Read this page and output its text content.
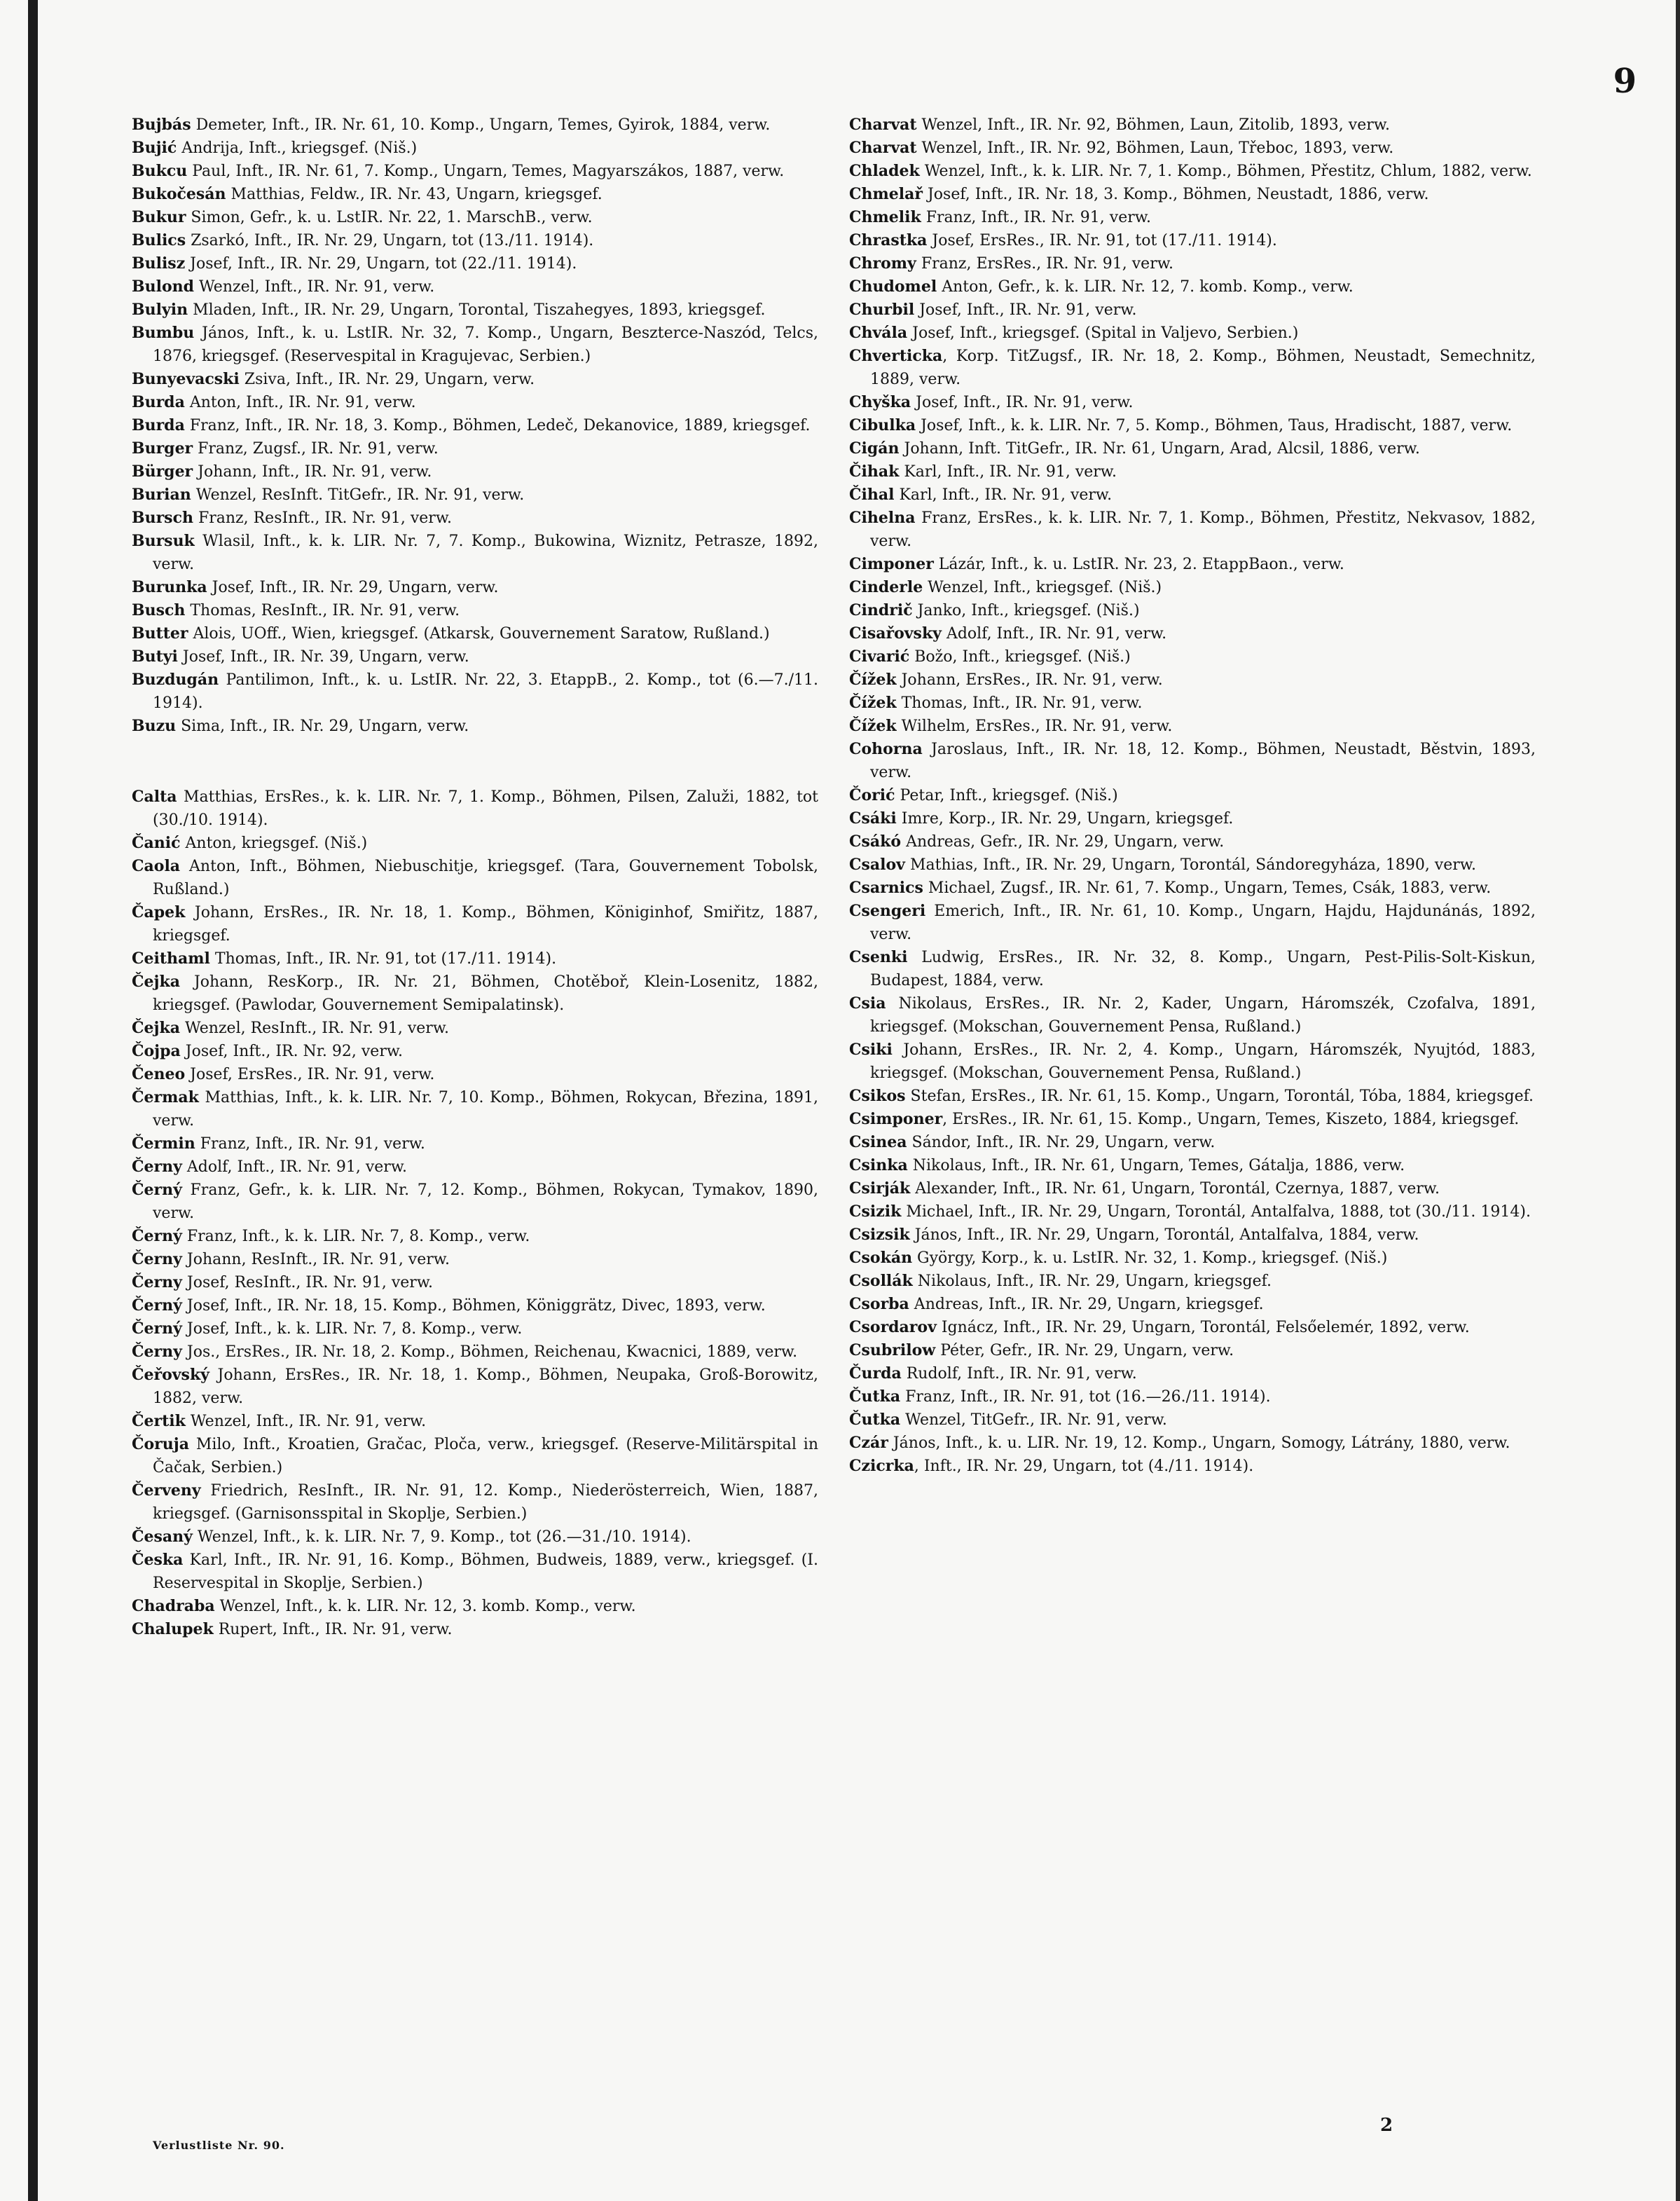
9
Bujbás Demeter, Inft., IR. Nr. 61, 10. Komp., Ungarn, Temes, Gyirok, 1884, verw.
Bujić Andrija, Inft., kriegsgef. (Niš.)
Bukcu Paul, Inft., IR. Nr. 61, 7. Komp., Ungarn, Temes, Magyarszákos, 1887, verw.
Bukočesán Matthias, Feldw., IR. Nr. 43, Ungarn, kriegsgef.
Bukur Simon, Gefr., k. u. LstIR. Nr. 22, 1. MarschB., verw.
Bulics Zsarkó, Inft., IR. Nr. 29, Ungarn, tot (13./11. 1914).
Bulisz Josef, Inft., IR. Nr. 29, Ungarn, tot (22./11. 1914).
Bulond Wenzel, Inft., IR. Nr. 91, verw.
Bulyin Mladen, Inft., IR. Nr. 29, Ungarn, Torontal, Tiszahegyes, 1893, kriegsgef.
Bumbu János, Inft., k. u. LstIR. Nr. 32, 7. Komp., Ungarn, Beszterce-Naszód, Telcs, 1876, kriegsgef. (Reservespital in Kragujevac, Serbien.)
Bunyevacski Zsiva, Inft., IR. Nr. 29, Ungarn, verw.
Burda Anton, Inft., IR. Nr. 91, verw.
Burda Franz, Inft., IR. Nr. 18, 3. Komp., Böhmen, Ledeč, Dekanovice, 1889, kriegsgef.
Burger Franz, Zugsf., IR. Nr. 91, verw.
Bürger Johann, Inft., IR. Nr. 91, verw.
Burian Wenzel, ResInft. TitGefr., IR. Nr. 91, verw.
Bursch Franz, ResInft., IR. Nr. 91, verw.
Bursuk Wlasil, Inft., k. k. LIR. Nr. 7, 7. Komp., Bukowina, Wiznitz, Petrasze, 1892, verw.
Burunka Josef, Inft., IR. Nr. 29, Ungarn, verw.
Busch Thomas, ResInft., IR. Nr. 91, verw.
Butter Alois, UOff., Wien, kriegsgef. (Atkarsk, Gouvernement Saratow, Rußland.)
Butyi Josef, Inft., IR. Nr. 39, Ungarn, verw.
Buzdugán Pantilimon, Inft., k. u. LstIR. Nr. 22, 3. EtappB., 2. Komp., tot (6.—7./11. 1914).
Buzu Sima, Inft., IR. Nr. 29, Ungarn, verw.
Calta Matthias, ErsRes., k. k. LIR. Nr. 7, 1. Komp., Böhmen, Pilsen, Zaluži, 1882, tot (30./10. 1914).
Čanić Anton, kriegsgef. (Niš.)
Caola Anton, Inft., Böhmen, Niebuschitje, kriegsgef. (Tara, Gouvernement Tobolsk, Rußland.)
Čapek Johann, ErsRes., IR. Nr. 18, 1. Komp., Böhmen, Königinhof, Smiřitz, 1887, kriegsgef.
Ceithaml Thomas, Inft., IR. Nr. 91, tot (17./11. 1914).
Čejka Johann, ResKorp., IR. Nr. 21, Böhmen, Chotěboř, Klein-Losenitz, 1882, kriegsgef. (Pawlodar, Gouvernement Semipalatinsk).
Čejka Wenzel, ResInft., IR. Nr. 91, verw.
Čojpa Josef, Inft., IR. Nr. 92, verw.
Čeneo Josef, ErsRes., IR. Nr. 91, verw.
Čermak Matthias, Inft., k. k. LIR. Nr. 7, 10. Komp., Böhmen, Rokycan, Březina, 1891, verw.
Čermin Franz, Inft., IR. Nr. 91, verw.
Černy Adolf, Inft., IR. Nr. 91, verw.
Černý Franz, Gefr., k. k. LIR. Nr. 7, 12. Komp., Böhmen, Rokycan, Tymakov, 1890, verw.
Černý Franz, Inft., k. k. LIR. Nr. 7, 8. Komp., verw.
Černy Johann, ResInft., IR. Nr. 91, verw.
Černy Josef, ResInft., IR. Nr. 91, verw.
Černý Josef, Inft., IR. Nr. 18, 15. Komp., Böhmen, Königgrätz, Divec, 1893, verw.
Černý Josef, Inft., k. k. LIR. Nr. 7, 8. Komp., verw.
Černy Jos., ErsRes., IR. Nr. 18, 2. Komp., Böhmen, Reichenau, Kwacnici, 1889, verw.
Čeřovský Johann, ErsRes., IR. Nr. 18, 1. Komp., Böhmen, Neupaka, Groß-Borowitz, 1882, verw.
Čertik Wenzel, Inft., IR. Nr. 91, verw.
Čoruja Milo, Inft., Kroatien, Gračac, Ploča, verw., kriegsgef. (Reserve-Militärspital in Čačak, Serbien.)
Červeny Friedrich, ResInft., IR. Nr. 91, 12. Komp., Niederösterreich, Wien, 1887, kriegsgef. (Garnisonsspital in Skoplje, Serbien.)
Česaný Wenzel, Inft., k. k. LIR. Nr. 7, 9. Komp., tot (26.—31./10. 1914).
Česka Karl, Inft., IR. Nr. 91, 16. Komp., Böhmen, Budweis, 1889, verw., kriegsgef. (I. Reservespital in Skoplje, Serbien.)
Chadraba Wenzel, Inft., k. k. LIR. Nr. 12, 3. komb. Komp., verw.
Chalupek Rupert, Inft., IR. Nr. 91, verw.
Charvat Wenzel, Inft., IR. Nr. 92, Böhmen, Laun, Zitolib, 1893, verw.
Charvat Wenzel, Inft., IR. Nr. 92, Böhmen, Laun, Třeboc, 1893, verw.
Chladek Wenzel, Inft., k. k. LIR. Nr. 7, 1. Komp., Böhmen, Přestitz, Chlum, 1882, verw.
Chmelař Josef, Inft., IR. Nr. 18, 3. Komp., Böhmen, Neustadt, 1886, verw.
Chmelik Franz, Inft., IR. Nr. 91, verw.
Chrastka Josef, ErsRes., IR. Nr. 91, tot (17./11. 1914).
Chromy Franz, ErsRes., IR. Nr. 91, verw.
Chudomel Anton, Gefr., k. k. LIR. Nr. 12, 7. komb. Komp., verw.
Churbil Josef, Inft., IR. Nr. 91, verw.
Chvála Josef, Inft., kriegsgef. (Spital in Valjevo, Serbien.)
Chverticka, Korp. TitZugsf., IR. Nr. 18, 2. Komp., Böhmen, Neustadt, Semechnitz, 1889, verw.
Chyška Josef, Inft., IR. Nr. 91, verw.
Cibulka Josef, Inft., k. k. LIR. Nr. 7, 5. Komp., Böhmen, Taus, Hradischt, 1887, verw.
Cigán Johann, Inft. TitGefr., IR. Nr. 61, Ungarn, Arad, Alcsil, 1886, verw.
Čihak Karl, Inft., IR. Nr. 91, verw.
Čihal Karl, Inft., IR. Nr. 91, verw.
Cihelna Franz, ErsRes., k. k. LIR. Nr. 7, 1. Komp., Böhmen, Přestitz, Nekvasov, 1882, verw.
Cimponer Lázár, Inft., k. u. LstIR. Nr. 23, 2. EtappBaon., verw.
Cinderle Wenzel, Inft., kriegsgef. (Niš.)
Cindrič Janko, Inft., kriegsgef. (Niš.)
Cisařovsky Adolf, Inft., IR. Nr. 91, verw.
Civarić Božo, Inft., kriegsgef. (Niš.)
Čížek Johann, ErsRes., IR. Nr. 91, verw.
Čížek Thomas, Inft., IR. Nr. 91, verw.
Čížek Wilhelm, ErsRes., IR. Nr. 91, verw.
Cohorna Jaroslaus, Inft., IR. Nr. 18, 12. Komp., Böhmen, Neustadt, Běstvin, 1893, verw.
Čorić Petar, Inft., kriegsgef. (Niš.)
Csáki Imre, Korp., IR. Nr. 29, Ungarn, kriegsgef.
Csákó Andreas, Gefr., IR. Nr. 29, Ungarn, verw.
Csalov Mathias, Inft., IR. Nr. 29, Ungarn, Torontál, Sándoregyháza, 1890, verw.
Csarnics Michael, Zugsf., IR. Nr. 61, 7. Komp., Ungarn, Temes, Csák, 1883, verw.
Csengeri Emerich, Inft., IR. Nr. 61, 10. Komp., Ungarn, Hajdu, Hajdunánás, 1892, verw.
Csenki Ludwig, ErsRes., IR. Nr. 32, 8. Komp., Ungarn, Pest-Pilis-Solt-Kiskun, Budapest, 1884, verw.
Csia Nikolaus, ErsRes., IR. Nr. 2, Kader, Ungarn, Háromszék, Czofalva, 1891, kriegsgef. (Mokschan, Gouvernement Pensa, Rußland.)
Csiki Johann, ErsRes., IR. Nr. 2, 4. Komp., Ungarn, Háromszék, Nyujtód, 1883, kriegsgef. (Mokschan, Gouvernement Pensa, Rußland.)
Csikos Stefan, ErsRes., IR. Nr. 61, 15. Komp., Ungarn, Torontál, Tóba, 1884, kriegsgef.
Csimponer, ErsRes., IR. Nr. 61, 15. Komp., Ungarn, Temes, Kiszeto, 1884, kriegsgef.
Csinea Sándor, Inft., IR. Nr. 29, Ungarn, verw.
Csinka Nikolaus, Inft., IR. Nr. 61, Ungarn, Temes, Gátalja, 1886, verw.
Csirják Alexander, Inft., IR. Nr. 61, Ungarn, Torontál, Czernya, 1887, verw.
Csizik Michael, Inft., IR. Nr. 29, Ungarn, Torontál, Antalfalva, 1888, tot (30./11. 1914).
Csizsik János, Inft., IR. Nr. 29, Ungarn, Torontál, Antalfalva, 1884, verw.
Csokán György, Korp., k. u. LstIR. Nr. 32, 1. Komp., kriegsgef. (Niš.)
Csollák Nikolaus, Inft., IR. Nr. 29, Ungarn, kriegsgef.
Csorba Andreas, Inft., IR. Nr. 29, Ungarn, kriegsgef.
Csordarov Ignácz, Inft., IR. Nr. 29, Ungarn, Torontál, Felsőelemér, 1892, verw.
Csubrilow Péter, Gefr., IR. Nr. 29, Ungarn, verw.
Čurda Rudolf, Inft., IR. Nr. 91, verw.
Čutka Franz, Inft., IR. Nr. 91, tot (16.—26./11. 1914).
Čutka Wenzel, TitGefr., IR. Nr. 91, verw.
Czár János, Inft., k. u. LIR. Nr. 19, 12. Komp., Ungarn, Somogy, Látrány, 1880, verw.
Czicrka, Inft., IR. Nr. 29, Ungarn, tot (4./11. 1914).
Verlustliste Nr. 90.
2
